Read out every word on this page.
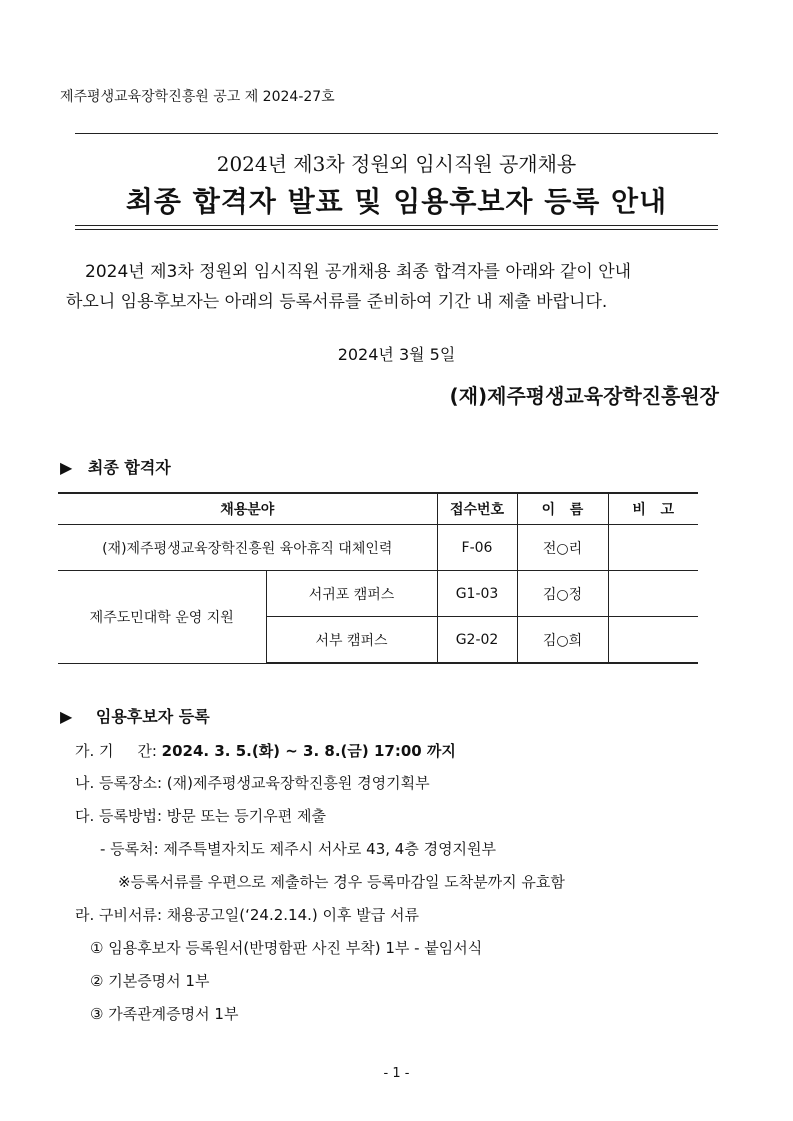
제주평생교육장학진흥원 공고 제 2024-27호
2024년 제3차 정원외 임시직원 공개채용
최종 합격자 발표 및 임용후보자 등록 안내
2024년 제3차 정원외 임시직원 공개채용 최종 합격자를 아래와 같이 안내
하오니 임용후보자는 아래의 등록서류를 준비하여 기간 내 제출 바랍니다.
2024년 3월 5일
(재)제주평생교육장학진흥원장
▶ 최종 합격자
채용분야		접수번호	이   름	비   고
(재)제주평생교육장학진흥원 육아휴직 대체인력		F-06	전○리	
제주도민대학 운영 지원	서귀포 캠퍼스	G1-03	김○정	
	서부 캠퍼스	G2-02	김○희	
▶ 임용후보자 등록
가. 기     간: 2024. 3. 5.(화) ~ 3. 8.(금) 17:00 까지
나. 등록장소: (재)제주평생교육장학진흥원 경영기획부
다. 등록방법: 방문 또는 등기우편 제출
- 등록처: 제주특별자치도 제주시 서사로 43, 4층 경영지원부
※등록서류를 우편으로 제출하는 경우 등록마감일 도착분까지 유효함
라. 구비서류: 채용공고일(‘24.2.14.) 이후 발급 서류
① 임용후보자 등록원서(반명함판 사진 부착) 1부 - 붙임서식
② 기본증명서 1부
③ 가족관계증명서 1부
- 1 -
